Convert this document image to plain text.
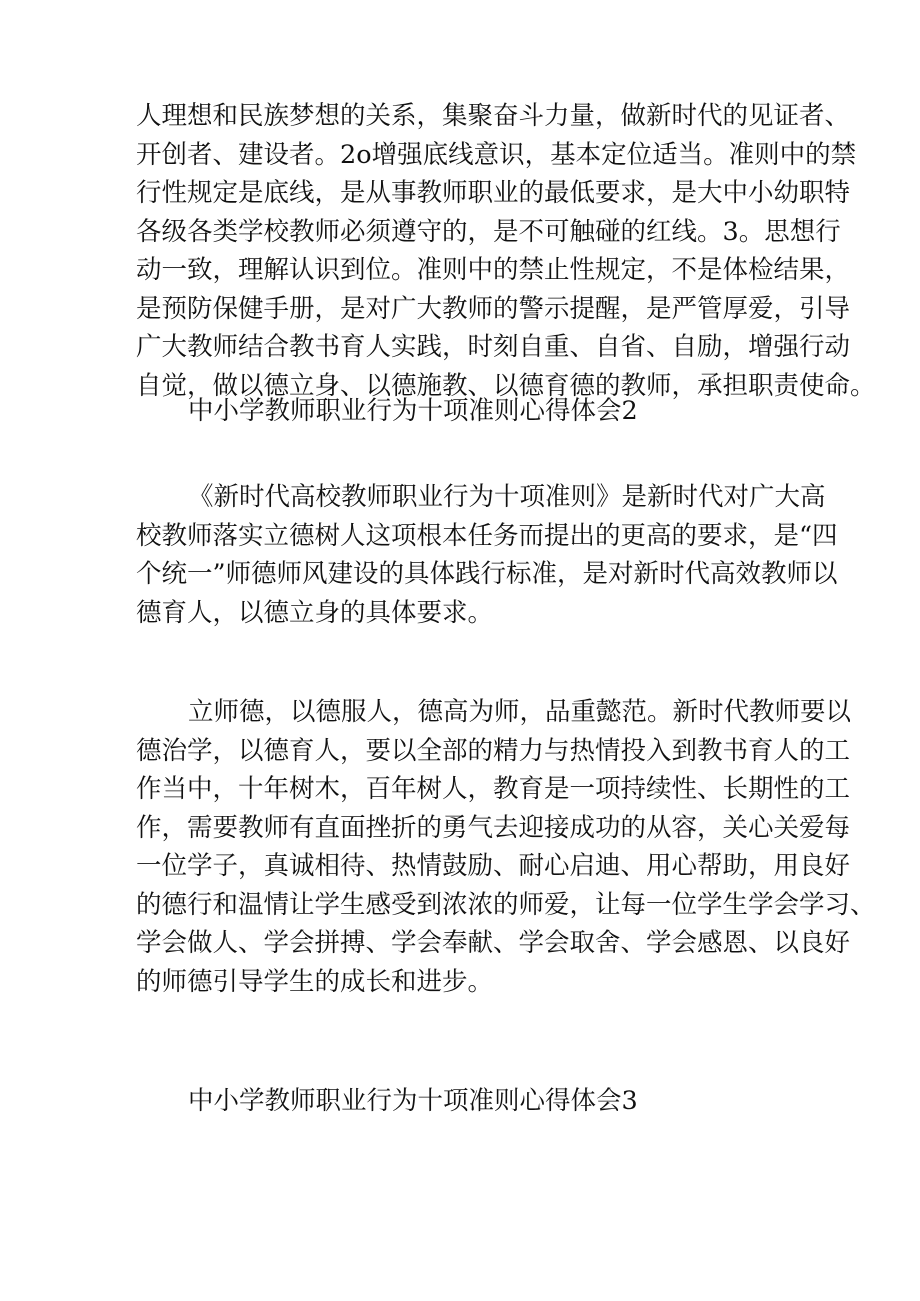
人理想和民族梦想的关系，集聚奋斗力量，做新时代的见证者、
开创者、建设者。2o增强底线意识，基本定位适当。准则中的禁
行性规定是底线，是从事教师职业的最低要求，是大中小幼职特
各级各类学校教师必须遵守的，是不可触碰的红线。3。思想行
动一致，理解认识到位。准则中的禁止性规定，不是体检结果，
是预防保健手册，是对广大教师的警示提醒，是严管厚爱，引导
广大教师结合教书育人实践，时刻自重、自省、自励，增强行动
自觉，做以德立身、以德施教、以德育德的教师，承担职责使命。
中小学教师职业行为十项准则心得体会2
《新时代高校教师职业行为十项准则》是新时代对广大高
校教师落实立德树人这项根本任务而提出的更高的要求，是“四
个统一”师德师风建设的具体践行标准，是对新时代高效教师以
德育人，以德立身的具体要求。
立师德，以德服人，德高为师，品重懿范。新时代教师要以
德治学，以德育人，要以全部的精力与热情投入到教书育人的工
作当中，十年树木，百年树人，教育是一项持续性、长期性的工
作，需要教师有直面挫折的勇气去迎接成功的从容，关心关爱每
一位学子，真诚相待、热情鼓励、耐心启迪、用心帮助，用良好
的德行和温情让学生感受到浓浓的师爱，让每一位学生学会学习、
学会做人、学会拼搏、学会奉献、学会取舍、学会感恩、以良好
的师德引导学生的成长和进步。
中小学教师职业行为十项准则心得体会3
